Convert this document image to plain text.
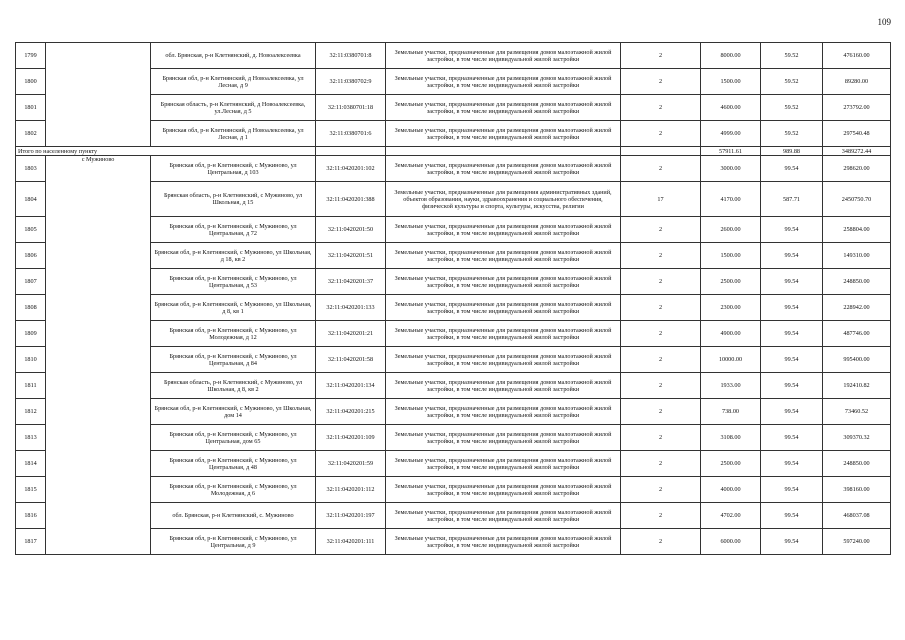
109
1799		обл. Брянская, р-н Клетнянский, д. Новоалексеевка	32:11:0380701:8	Земельные участки, предназначенные для размещения домов малоэтажной жилой застройки, в том числе индивидуальной жилой застройки	2	8000.00	59.52	476160.00
1800		Брянская обл, р-н Клетнянский, д Новоалексеевка, ул Лесная, д 9	32:11:0380702:9	Земельные участки, предназначенные для размещения домов малоэтажной жилой застройки, в том числе индивидуальной жилой застройки	2	1500.00	59.52	89280.00
1801		Брянская область, р-н Клетнянский, д Новоалексеевка, ул.Лесная, д 5	32:11:0380701:18	Земельные участки, предназначенные для размещения домов малоэтажной жилой застройки, в том числе индивидуальной жилой застройки	2	4600.00	59.52	273792.00
1802		Брянская обл, р-н Клетнянский, д Новоалексеевка, ул Лесная, д 1	32:11:0380701:6	Земельные участки, предназначенные для размещения домов малоэтажной жилой застройки, в том числе индивидуальной жилой застройки	2	4999.00	59.52	297540.48
Итого по населенному пункту						57911.61	989.88	3489272.44
1803	с Мужиново	Брянская обл, р-н Клетнянский, с Мужиново, ул Центральная, д 103	32:11:0420201:102	Земельные участки, предназначенные для размещения домов малоэтажной жилой застройки, в том числе индивидуальной жилой застройки	2	3000.00	99.54	298620.00
1804		Брянская область, р-н Клетнянский, с Мужиново, ул Школьная, д 15	32:11:0420201:388	Земельные участки, предназначенные для размещения административных зданий, объектов образования, науки, здравоохранения и социального обеспечения, физической культуры и спорта, культуры, искусства, религии	17	4170.00	587.71	2450750.70
1805		Брянская обл, р-н Клетнянский, с Мужиново, ул Центральная, д 72	32:11:0420201:50	Земельные участки, предназначенные для размещения домов малоэтажной жилой застройки, в том числе индивидуальной жилой застройки	2	2600.00	99.54	258804.00
1806		Брянская обл, р-н Клетнянский, с Мужиново, ул Школьная, д 18, кв 2	32:11:0420201:51	Земельные участки, предназначенные для размещения домов малоэтажной жилой застройки, в том числе индивидуальной жилой застройки	2	1500.00	99.54	149310.00
1807		Брянская обл, р-н Клетнянский, с Мужиново, ул Центральная, д 53	32:11:0420201:37	Земельные участки, предназначенные для размещения домов малоэтажной жилой застройки, в том числе индивидуальной жилой застройки	2	2500.00	99.54	248850.00
1808		Брянская обл, р-н Клетнянский, с Мужиново, ул Школьная, д 8, кв 1	32:11:0420201:133	Земельные участки, предназначенные для размещения домов малоэтажной жилой застройки, в том числе индивидуальной жилой застройки	2	2300.00	99.54	228942.00
1809		Брянская обл, р-н Клетнянский, с Мужиново, ул Молодежная, д 12	32:11:0420201:21	Земельные участки, предназначенные для размещения домов малоэтажной жилой застройки, в том числе индивидуальной жилой застройки	2	4900.00	99.54	487746.00
1810		Брянская обл, р-н Клетнянский, с Мужиново, ул Центральная, д 84	32:11:0420201:58	Земельные участки, предназначенные для размещения домов малоэтажной жилой застройки, в том числе индивидуальной жилой застройки	2	10000.00	99.54	995400.00
1811		Брянская область, р-н Клетнянский, с Мужиново, ул Школьная, д 8, кв 2	32:11:0420201:134	Земельные участки, предназначенные для размещения домов малоэтажной жилой застройки, в том числе индивидуальной жилой застройки	2	1933.00	99.54	192410.82
1812		Брянская обл, р-н Клетнянский, с Мужиново, ул Школьная, дом 14	32:11:0420201:215	Земельные участки, предназначенные для размещения домов малоэтажной жилой застройки, в том числе индивидуальной жилой застройки	2	738.00	99.54	73460.52
1813		Брянская обл, р-н Клетнянский, с Мужиново, ул Центральная, дом 65	32:11:0420201:109	Земельные участки, предназначенные для размещения домов малоэтажной жилой застройки, в том числе индивидуальной жилой застройки	2	3108.00	99.54	309370.32
1814		Брянская обл, р-н Клетнянский, с Мужиново, ул Центральная, д 48	32:11:0420201:59	Земельные участки, предназначенные для размещения домов малоэтажной жилой застройки, в том числе индивидуальной жилой застройки	2	2500.00	99.54	248850.00
1815		Брянская обл, р-н Клетнянский, с Мужиново, ул Молодежная, д 6	32:11:0420201:112	Земельные участки, предназначенные для размещения домов малоэтажной жилой застройки, в том числе индивидуальной жилой застройки	2	4000.00	99.54	398160.00
1816		обл. Брянская, р-н Клетнянский, с. Мужиново	32:11:0420201:197	Земельные участки, предназначенные для размещения домов малоэтажной жилой застройки, в том числе индивидуальной жилой застройки	2	4702.00	99.54	468037.08
1817		Брянская обл, р-н Клетнянский, с Мужиново, ул Центральная, д 9	32:11:0420201:111	Земельные участки, предназначенные для размещения домов малоэтажной жилой застройки, в том числе индивидуальной жилой застройки	2	6000.00	99.54	597240.00
